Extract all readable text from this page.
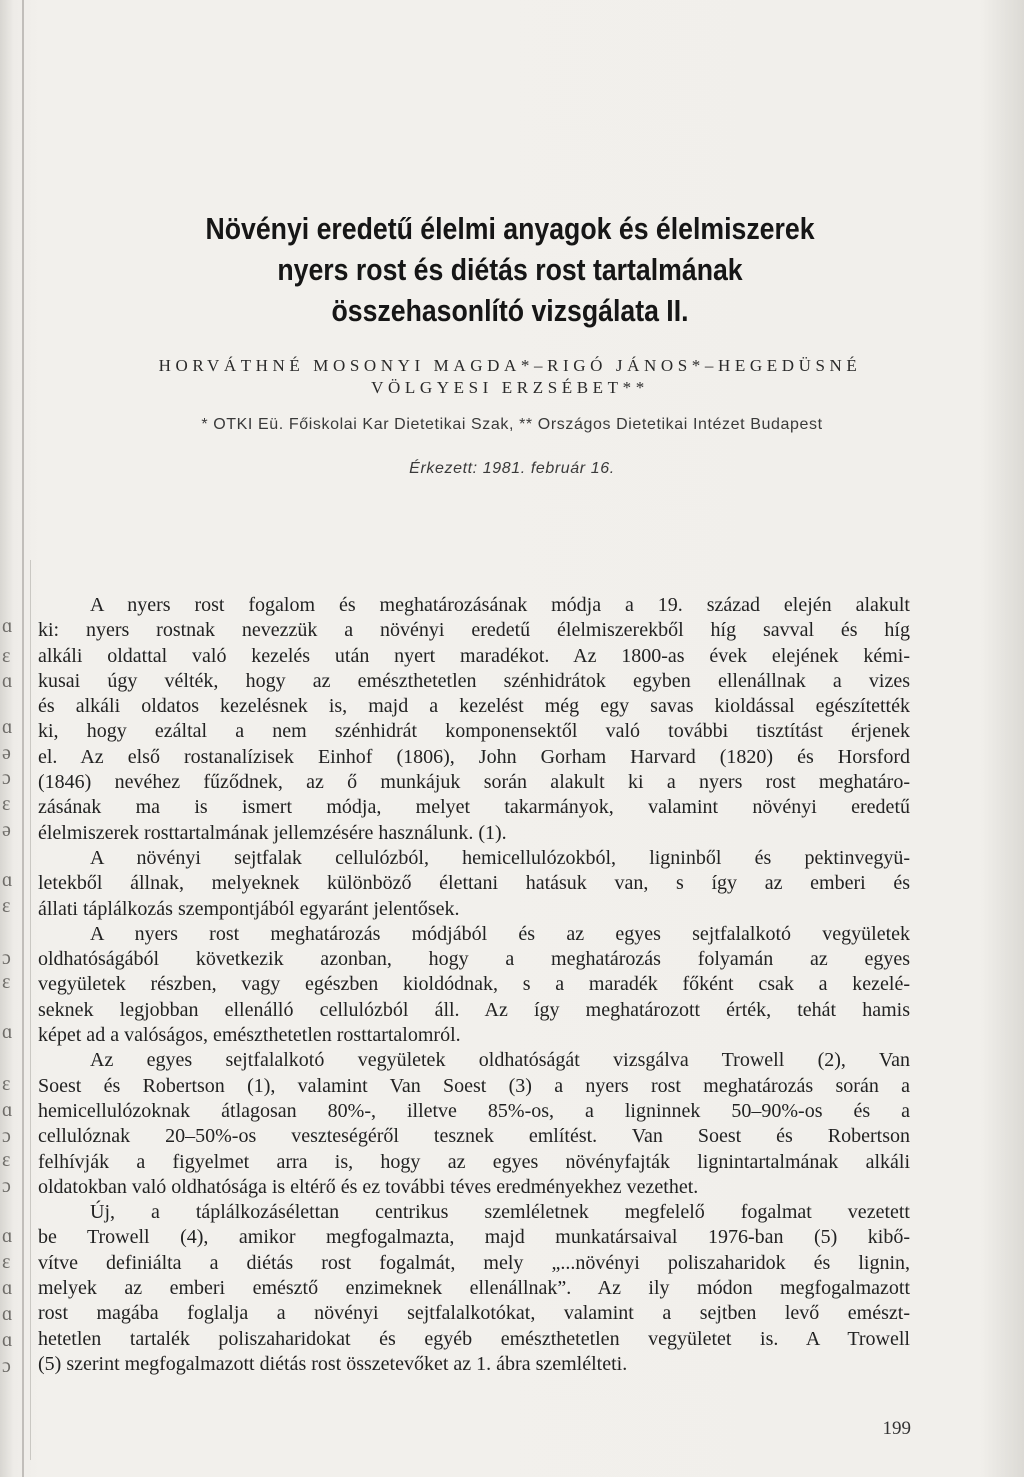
ɑ
ɛ
ɑ
ɑ
ə
ɔ
ɛ
ə
ɑ
ɛ
ɔ
ɛ
ɑ
ɛ
ɑ
ɔ
ɛ
ɔ
ɑ
ɛ
ɑ
ɑ
ɑ
ɔ
Növényi eredetű élelmi anyagok és élelmiszerek
nyers rost és diétás rost tartalmának
összehasonlító vizsgálata II.
HORVÁTHNÉ MOSONYI MAGDA*–RIGÓ JÁNOS*–HEGEDÜSNÉ
VÖLGYESI ERZSÉBET**
* OTKI Eü. Főiskolai Kar Dietetikai Szak, ** Országos Dietetikai Intézet Budapest
Érkezett: 1981. február 16.
A nyers rost fogalom és meghatározásának módja a 19. század elején alakult
ki: nyers rostnak nevezzük a növényi eredetű élelmiszerekből híg savval és híg
alkáli oldattal való kezelés után nyert maradékot. Az 1800-as évek elejének kémi-
kusai úgy vélték, hogy az emészthetetlen szénhidrátok egyben ellenállnak a vizes
és alkáli oldatos kezelésnek is, majd a kezelést még egy savas kioldással egészítették
ki, hogy ezáltal a nem szénhidrát komponensektől való további tisztítást érjenek
el. Az első rostanalízisek Einhof (1806), John Gorham Harvard (1820) és Horsford
(1846) nevéhez fűződnek, az ő munkájuk során alakult ki a nyers rost meghatáro-
zásának ma is ismert módja, melyet takarmányok, valamint növényi eredetű
élelmiszerek rosttartalmának jellemzésére használunk. (1).
A növényi sejtfalak cellulózból, hemicellulózokból, ligninből és pektinvegyü-
letekből állnak, melyeknek különböző élettani hatásuk van, s így az emberi és
állati táplálkozás szempontjából egyaránt jelentősek.
A nyers rost meghatározás módjából és az egyes sejtfalalkotó vegyületek
oldhatóságából következik azonban, hogy a meghatározás folyamán az egyes
vegyületek részben, vagy egészben kioldódnak, s a maradék főként csak a kezelé-
seknek legjobban ellenálló cellulózból áll. Az így meghatározott érték, tehát hamis
képet ad a valóságos, emészthetetlen rosttartalomról.
Az egyes sejtfalalkotó vegyületek oldhatóságát vizsgálva Trowell (2), Van
Soest és Robertson (1), valamint Van Soest (3) a nyers rost meghatározás során a
hemicellulózoknak átlagosan 80%-, illetve 85%-os, a ligninnek 50–90%-os és a
cellulóznak 20–50%-os veszteségéről tesznek említést. Van Soest és Robertson
felhívják a figyelmet arra is, hogy az egyes növényfajták lignintartalmának alkáli
oldatokban való oldhatósága is eltérő és ez további téves eredményekhez vezethet.
Új, a táplálkozásélettan centrikus szemléletnek megfelelő fogalmat vezetett
be Trowell (4), amikor megfogalmazta, majd munkatársaival 1976-ban (5) kibő-
vítve definiálta a diétás rost fogalmát, mely „...növényi poliszaharidok és lignin,
melyek az emberi emésztő enzimeknek ellenállnak”. Az ily módon megfogalmazott
rost magába foglalja a növényi sejtfalalkotókat, valamint a sejtben levő emészt-
hetetlen tartalék poliszaharidokat és egyéb emészthetetlen vegyületet is. A Trowell
(5) szerint megfogalmazott diétás rost összetevőket az 1. ábra szemlélteti.
199
